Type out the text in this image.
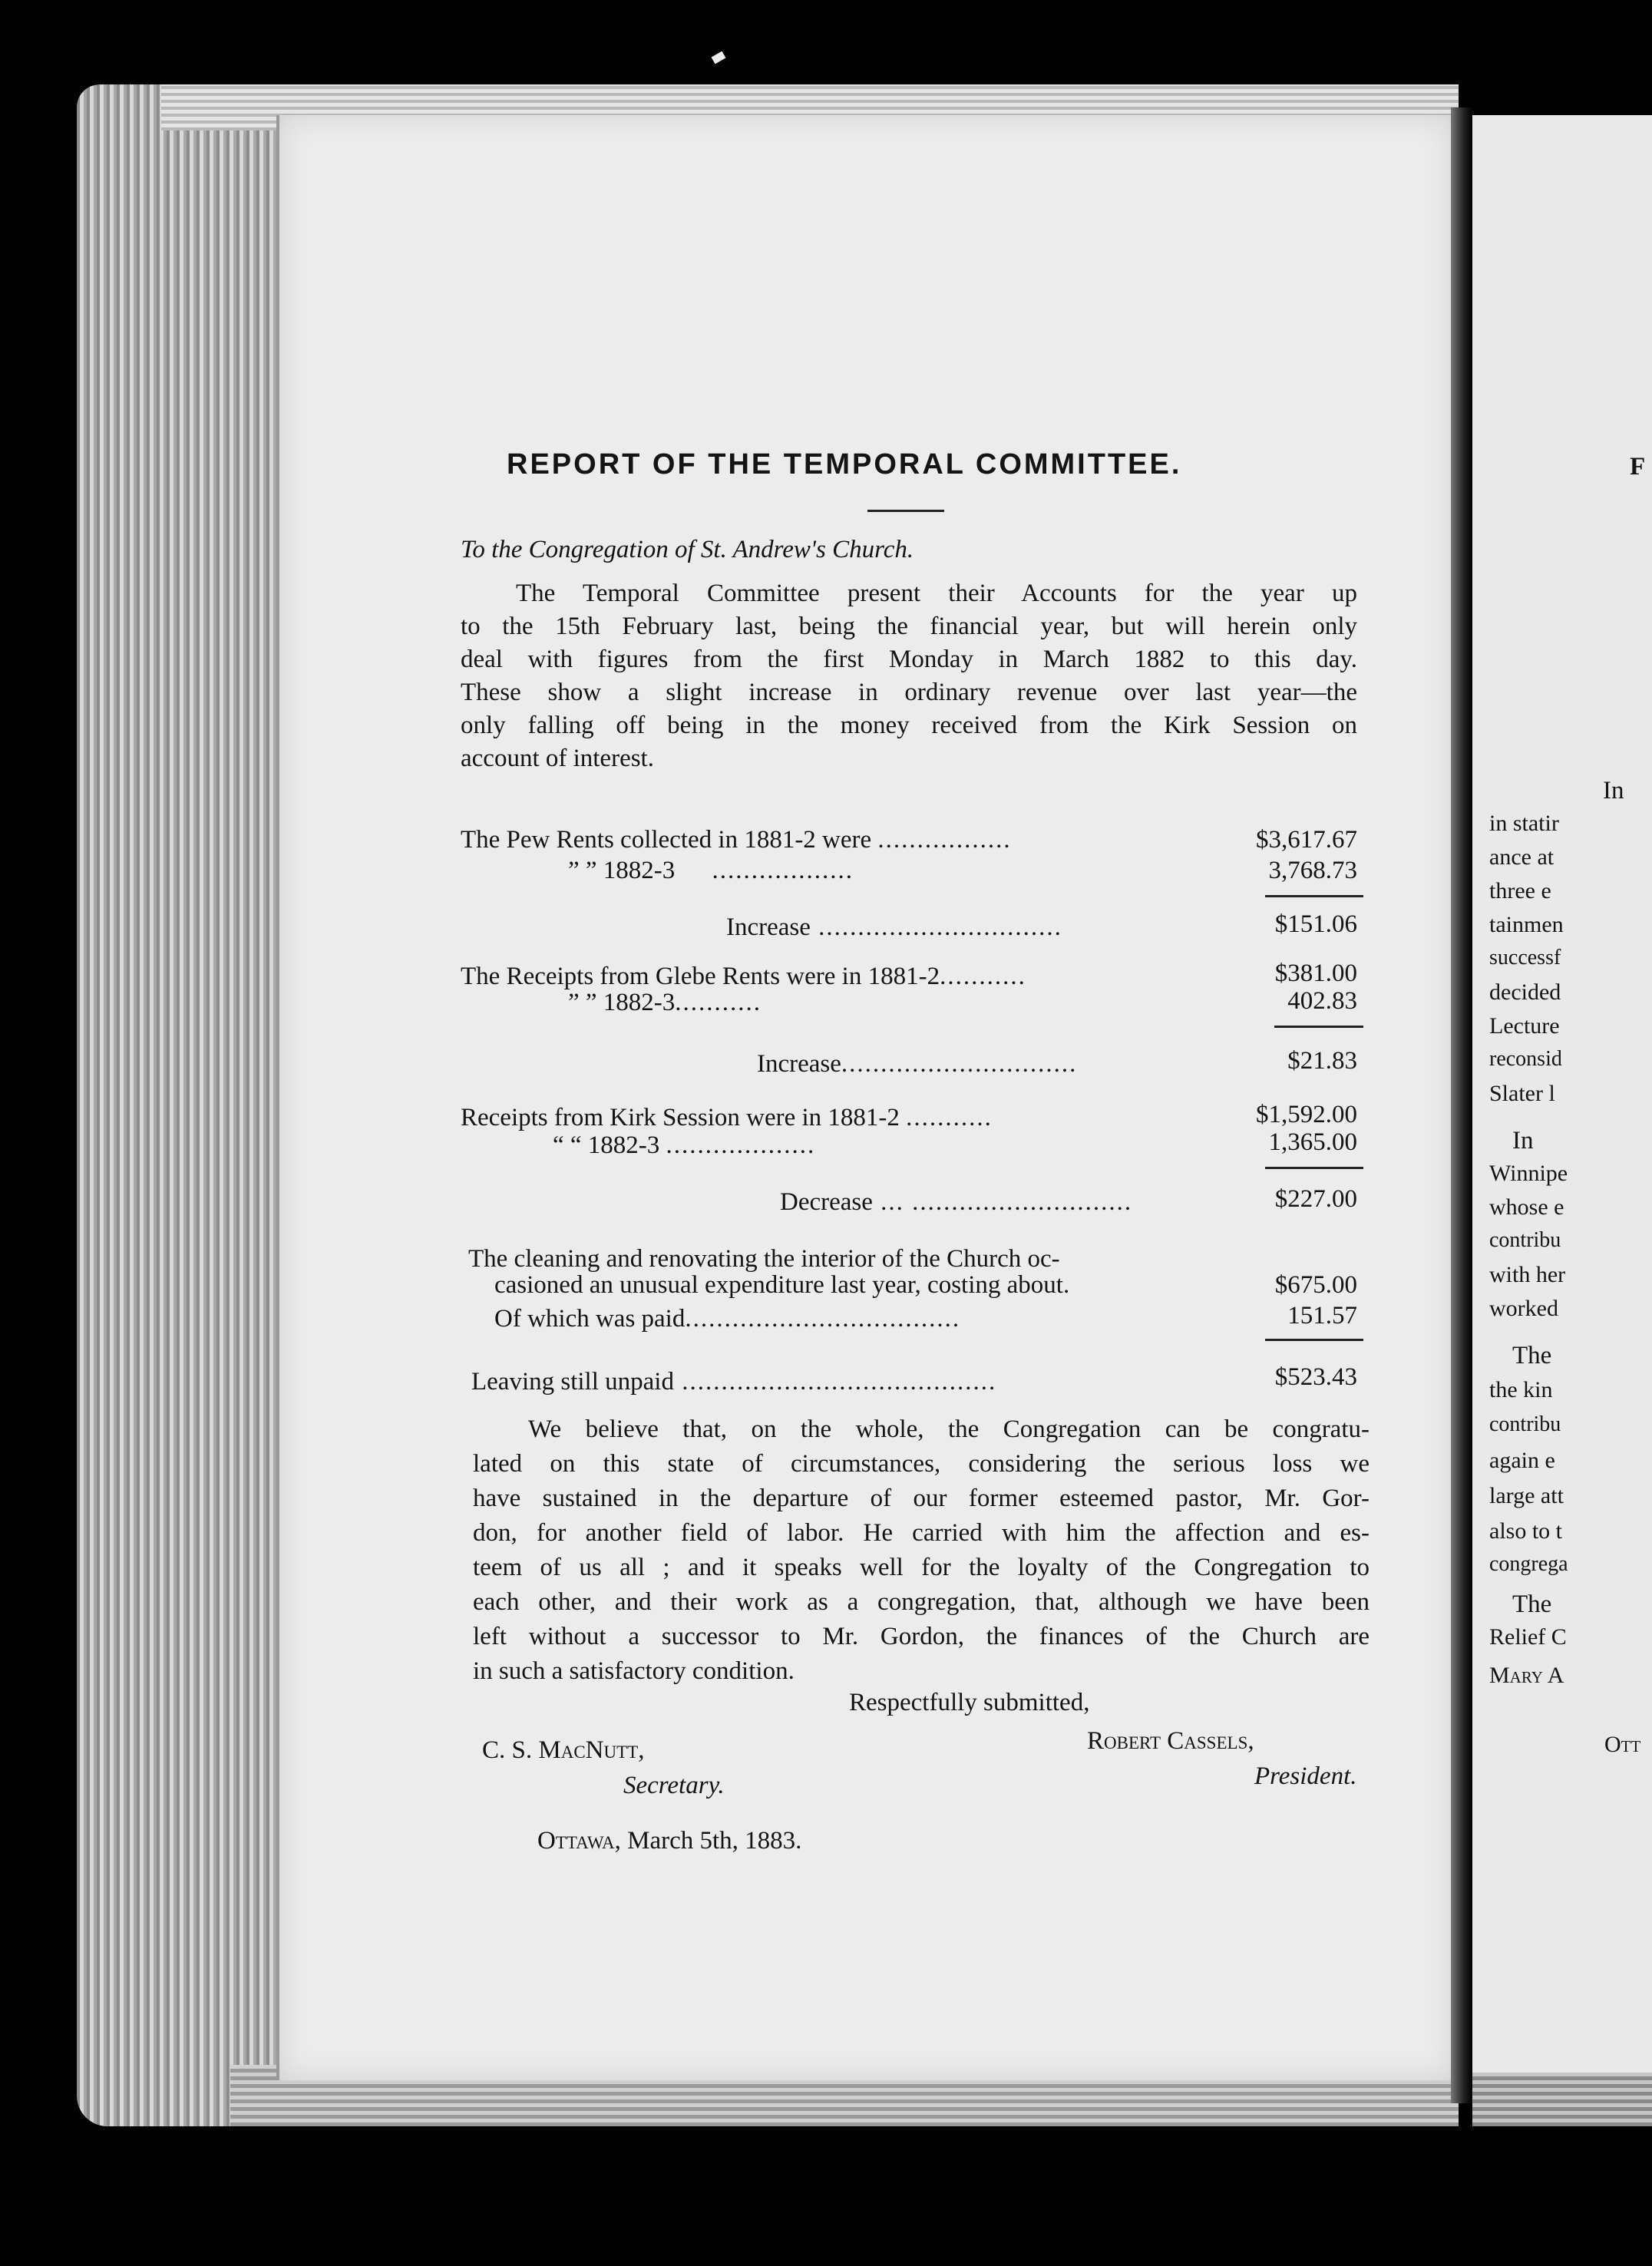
F
In
in statir
ance at
three e
tainmen
successf
decided
Lecture
reconsid
Slater l
In
Winnipe
whose e
contribu
with her
worked
The
the kin
contribu
again e
large att
also to t
congrega
The
Relief C
Mary A
Ott
REPORT OF THE TEMPORAL COMMITTEE.
To the Congregation of St. Andrew's Church.
The Temporal Committee present their Accounts for the year up
to the 15th February last, being the financial year, but will herein only
deal with figures from the first Monday in March 1882 to this day.
These show a slight increase in ordinary revenue over last year—the
only falling off being in the money received from the Kirk Session on
account of interest.
The Pew Rents collected in 1881-2 were .................	$3,617.67
” ” 1882-3 ..................	3,768.73
Increase ...............................	$151.06
The Receipts from Glebe Rents were in 1881-2...........	$381.00
” ” 1882-3...........	402.83
Increase..............................	$21.83
Receipts from Kirk Session were in 1881-2 ...........	$1,592.00
“ “ 1882-3 ...................	1,365.00
Decrease ... ............................	$227.00
The cleaning and renovating the interior of the Church oc-
casioned an unusual expenditure last year, costing about.	$675.00
Of which was paid...................................	151.57
Leaving still unpaid ........................................	$523.43
We believe that, on the whole, the Congregation can be congratu-
lated on this state of circumstances, considering the serious loss we
have sustained in the departure of our former esteemed pastor, Mr. Gor-
don, for another field of labor. He carried with him the affection and es-
teem of us all ; and it speaks well for the loyalty of the Congregation to
each other, and their work as a congregation, that, although we have been
left without a successor to Mr. Gordon, the finances of the Church are
in such a satisfactory condition.
Respectfully submitted,
C. S. MacNutt,
Secretary.
Robert Cassels,
President.
Ottawa, March 5th, 1883.
